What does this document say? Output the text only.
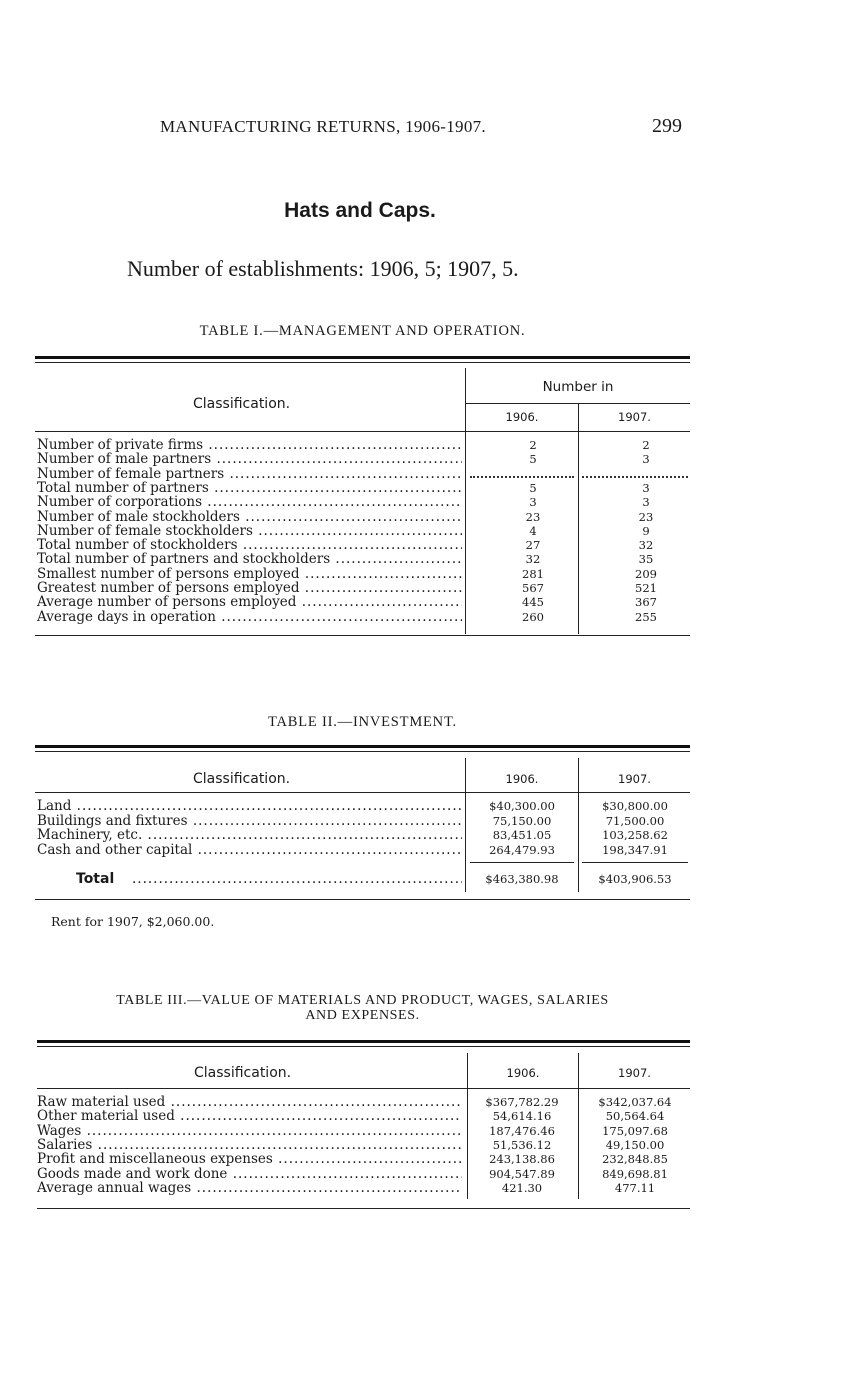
MANUFACTURING RETURNS, 1906-1907.	299
Hats and Caps.
Number of establishments: 1906, 5; 1907, 5.
TABLE I.—MANAGEMENT AND OPERATION.
Classification.
Number in
1906.	1907.
Number of private firms .....	2	2
Number of male partners .....	5	3
Number of female partners .....
Total number of partners .....	5	3
Number of corporations .....	3	3
Number of male stockholders .....	23	23
Number of female stockholders .....	4	9
Total number of stockholders .....	27	32
Total number of partners and stockholders .....	32	35
Smallest number of persons employed .....	281	209
Greatest number of persons employed .....	567	521
Average number of persons employed .....	445	367
Average days in operation .....	260	255
TABLE II.—INVESTMENT.
Classification.	1906.	1907.
Land .....	$40,300.00	$30,800.00
Buildings and fixtures .....	75,150.00	71,500.00
Machinery, etc. .....	83,451.05	103,258.62
Cash and other capital .....	264,479.93	198,347.91
Total .....	$463,380.98	$403,906.53
Rent for 1907, $2,060.00.
TABLE III.—VALUE OF MATERIALS AND PRODUCT, WAGES, SALARIES
AND EXPENSES.
Classification.	1906.	1907.
Raw material used .....	$367,782.29	$342,037.64
Other material used .....	54,614.16	50,564.64
Wages .....	187,476.46	175,097.68
Salaries .....	51,536.12	49,150.00
Profit and miscellaneous expenses .....	243,138.86	232,848.85
Goods made and work done .....	904,547.89	849,698.81
Average annual wages .....	421.30	477.11
